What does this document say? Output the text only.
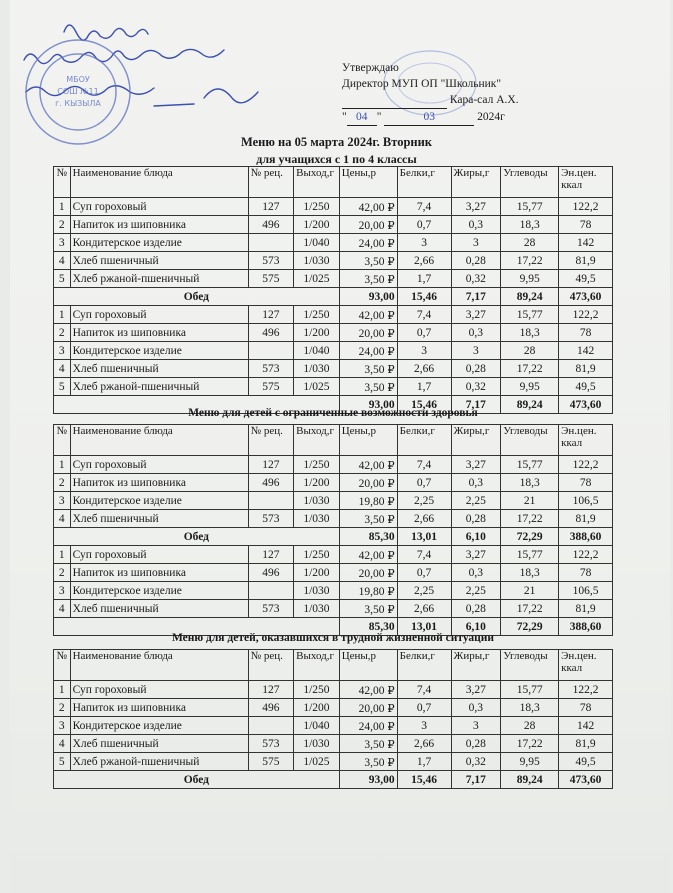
МБОУ
СОШ №11
г. КЫЗЫЛА
Утверждаю
Директор МУП ОП "Школьник"
Кара-сал А.Х.
" 04 "	03	2024г
Меню на 05 марта 2024г. Вторник
для учащихся с 1 по 4 классы
№	Наименование блюда	№ рец.	Выход,г	Цены,р	Белки,г	Жиры,г	Углеводы	Эн.цен. ккал
1	Суп гороховый	127	1/250	42,00 ₽	7,4	3,27	15,77	122,2
2	Напиток из шиповника	496	1/200	20,00 ₽	0,7	0,3	18,3	78
3	Кондитерское изделие		1/040	24,00 ₽	3	3	28	142
4	Хлеб пшеничный	573	1/030	3,50 ₽	2,66	0,28	17,22	81,9
5	Хлеб ржаной-пшеничный	575	1/025	3,50 ₽	1,7	0,32	9,95	49,5
Обед				93,00	15,46	7,17	89,24	473,60
1	Суп гороховый	127	1/250	42,00 ₽	7,4	3,27	15,77	122,2
2	Напиток из шиповника	496	1/200	20,00 ₽	0,7	0,3	18,3	78
3	Кондитерское изделие		1/040	24,00 ₽	3	3	28	142
4	Хлеб пшеничный	573	1/030	3,50 ₽	2,66	0,28	17,22	81,9
5	Хлеб ржаной-пшеничный	575	1/025	3,50 ₽	1,7	0,32	9,95	49,5
				93,00	15,46	7,17	89,24	473,60
Меню для детей с ограниченные возможности здоровья
№	Наименование блюда	№ рец.	Выход,г	Цены,р	Белки,г	Жиры,г	Углеводы	Эн.цен. ккал
1	Суп гороховый	127	1/250	42,00 ₽	7,4	3,27	15,77	122,2
2	Напиток из шиповника	496	1/200	20,00 ₽	0,7	0,3	18,3	78
3	Кондитерское изделие		1/030	19,80 ₽	2,25	2,25	21	106,5
4	Хлеб пшеничный	573	1/030	3,50 ₽	2,66	0,28	17,22	81,9
Обед				85,30	13,01	6,10	72,29	388,60
1	Суп гороховый	127	1/250	42,00 ₽	7,4	3,27	15,77	122,2
2	Напиток из шиповника	496	1/200	20,00 ₽	0,7	0,3	18,3	78
3	Кондитерское изделие		1/030	19,80 ₽	2,25	2,25	21	106,5
4	Хлеб пшеничный	573	1/030	3,50 ₽	2,66	0,28	17,22	81,9
				85,30	13,01	6,10	72,29	388,60
Меню для детей, оказавшихся в трудной жизненной ситуации
№	Наименование блюда	№ рец.	Выход,г	Цены,р	Белки,г	Жиры,г	Углеводы	Эн.цен. ккал
1	Суп гороховый	127	1/250	42,00 ₽	7,4	3,27	15,77	122,2
2	Напиток из шиповника	496	1/200	20,00 ₽	0,7	0,3	18,3	78
3	Кондитерское изделие		1/040	24,00 ₽	3	3	28	142
4	Хлеб пшеничный	573	1/030	3,50 ₽	2,66	0,28	17,22	81,9
5	Хлеб ржаной-пшеничный	575	1/025	3,50 ₽	1,7	0,32	9,95	49,5
Обед				93,00	15,46	7,17	89,24	473,60
